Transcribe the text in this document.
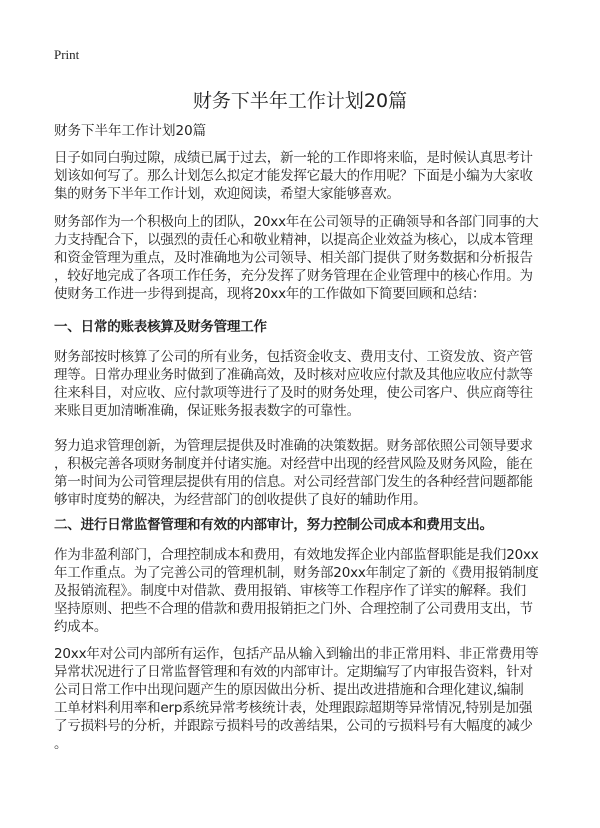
Print
财务下半年工作计划20篇
财务下半年工作计划20篇
日子如同白驹过隙，成绩已属于过去，新一轮的工作即将来临，是时候认真思考计
划该如何写了。那么计划怎么拟定才能发挥它最大的作用呢？下面是小编为大家收
集的财务下半年工作计划，欢迎阅读，希望大家能够喜欢。
财务部作为一个积极向上的团队，20xx年在公司领导的正确领导和各部门同事的大
力支持配合下，以强烈的责任心和敬业精神，以提高企业效益为核心，以成本管理
和资金管理为重点，及时准确地为公司领导、相关部门提供了财务数据和分析报告
，较好地完成了各项工作任务，充分发挥了财务管理在企业管理中的核心作用。为
使财务工作进一步得到提高，现将20xx年的工作做如下简要回顾和总结：
一、日常的账表核算及财务管理工作
财务部按时核算了公司的所有业务，包括资金收支、费用支付、工资发放、资产管
理等。日常办理业务时做到了准确高效，及时核对应收应付款及其他应收应付款等
往来科目，对应收、应付款项等进行了及时的财务处理，使公司客户、供应商等往
来账目更加清晰准确，保证账务报表数字的可靠性。
努力追求管理创新，为管理层提供及时准确的决策数据。财务部依照公司领导要求
，积极完善各项财务制度并付诸实施。对经营中出现的经营风险及财务风险，能在
第一时间为公司管理层提供有用的信息。对公司经营部门发生的各种经营问题都能
够审时度势的解决，为经营部门的创收提供了良好的辅助作用。
二、进行日常监督管理和有效的内部审计，努力控制公司成本和费用支出。
作为非盈利部门，合理控制成本和费用，有效地发挥企业内部监督职能是我们20xx
年工作重点。为了完善公司的管理机制，财务部20xx年制定了新的《费用报销制度
及报销流程》。制度中对借款、费用报销、审核等工作程序作了详实的解释。我们
坚持原则、把些不合理的借款和费用报销拒之门外、合理控制了公司费用支出，节
约成本。
20xx年对公司内部所有运作，包括产品从输入到输出的非正常用料、非正常费用等
异常状况进行了日常监督管理和有效的内部审计。定期编写了内审报告资料，针对
公司日常工作中出现问题产生的原因做出分析、提出改进措施和合理化建议,编制
工单材料利用率和erp系统异常考核统计表，处理跟踪超期等异常情况,特别是加强
了亏损料号的分析，并跟踪亏损料号的改善结果，公司的亏损料号有大幅度的减少
。
